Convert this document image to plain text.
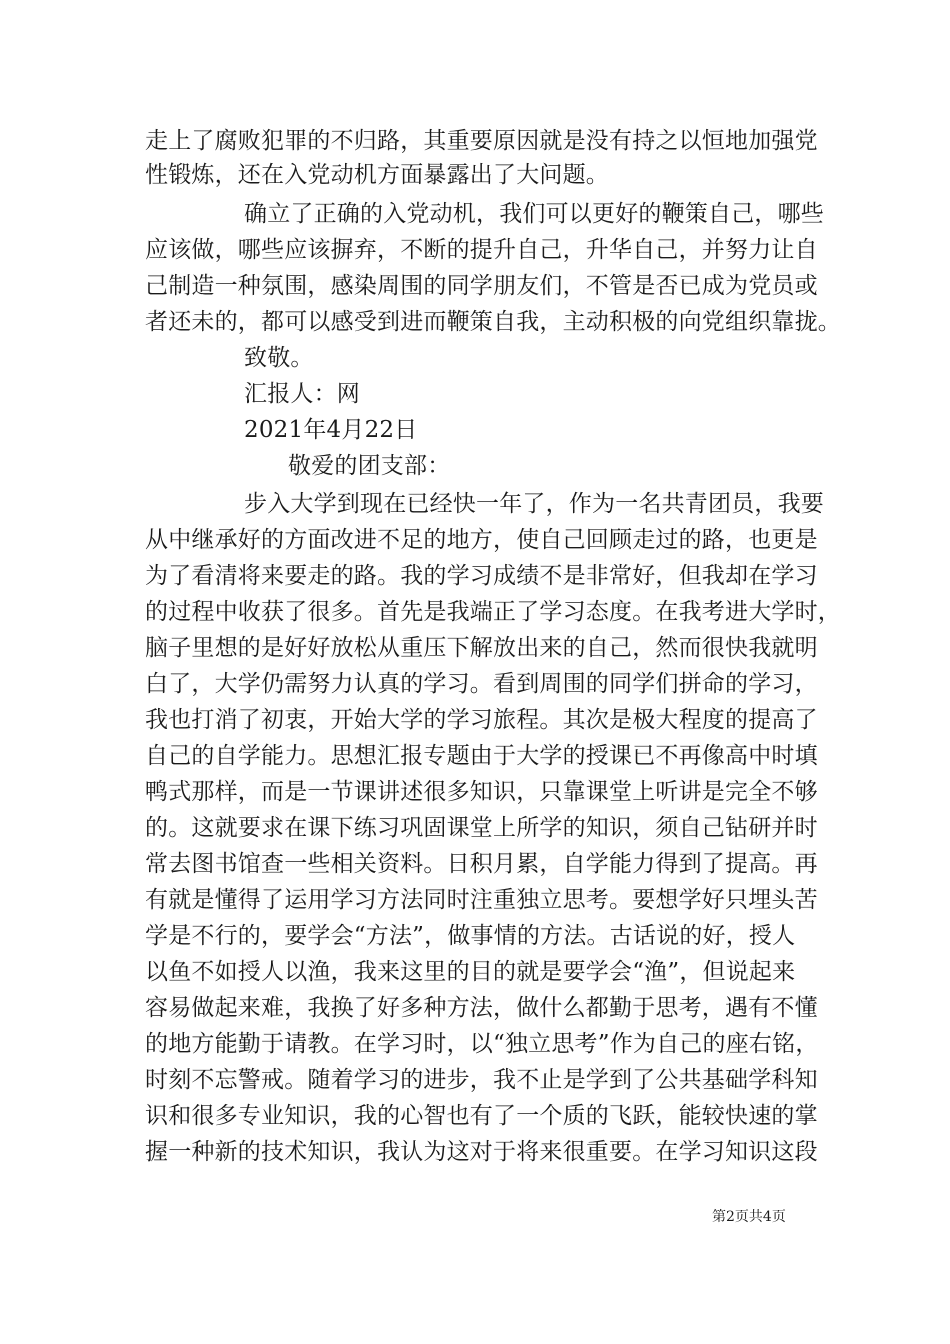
走上了腐败犯罪的不归路，其重要原因就是没有持之以恒地加强党
性锻炼，还在入党动机方面暴露出了大问题。
确立了正确的入党动机，我们可以更好的鞭策自己，哪些
应该做，哪些应该摒弃，不断的提升自己，升华自己，并努力让自
己制造一种氛围，感染周围的同学朋友们，不管是否已成为党员或
者还未的，都可以感受到进而鞭策自我，主动积极的向党组织靠拢。
致敬。
汇报人：网
2021年4月22日
敬爱的团支部：
步入大学到现在已经快一年了，作为一名共青团员，我要
从中继承好的方面改进不足的地方，使自己回顾走过的路，也更是
为了看清将来要走的路。我的学习成绩不是非常好，但我却在学习
的过程中收获了很多。首先是我端正了学习态度。在我考进大学时，
脑子里想的是好好放松从重压下解放出来的自己，然而很快我就明
白了，大学仍需努力认真的学习。看到周围的同学们拼命的学习，
我也打消了初衷，开始大学的学习旅程。其次是极大程度的提高了
自己的自学能力。思想汇报专题由于大学的授课已不再像高中时填
鸭式那样，而是一节课讲述很多知识，只靠课堂上听讲是完全不够
的。这就要求在课下练习巩固课堂上所学的知识，须自己钻研并时
常去图书馆查一些相关资料。日积月累，自学能力得到了提高。再
有就是懂得了运用学习方法同时注重独立思考。要想学好只埋头苦
学是不行的，要学会“方法”，做事情的方法。古话说的好，授人
以鱼不如授人以渔，我来这里的目的就是要学会“渔”，但说起来
容易做起来难，我换了好多种方法，做什么都勤于思考，遇有不懂
的地方能勤于请教。在学习时，以“独立思考”作为自己的座右铭，
时刻不忘警戒。随着学习的进步，我不止是学到了公共基础学科知
识和很多专业知识，我的心智也有了一个质的飞跃，能较快速的掌
握一种新的技术知识，我认为这对于将来很重要。在学习知识这段
第2页共4页
